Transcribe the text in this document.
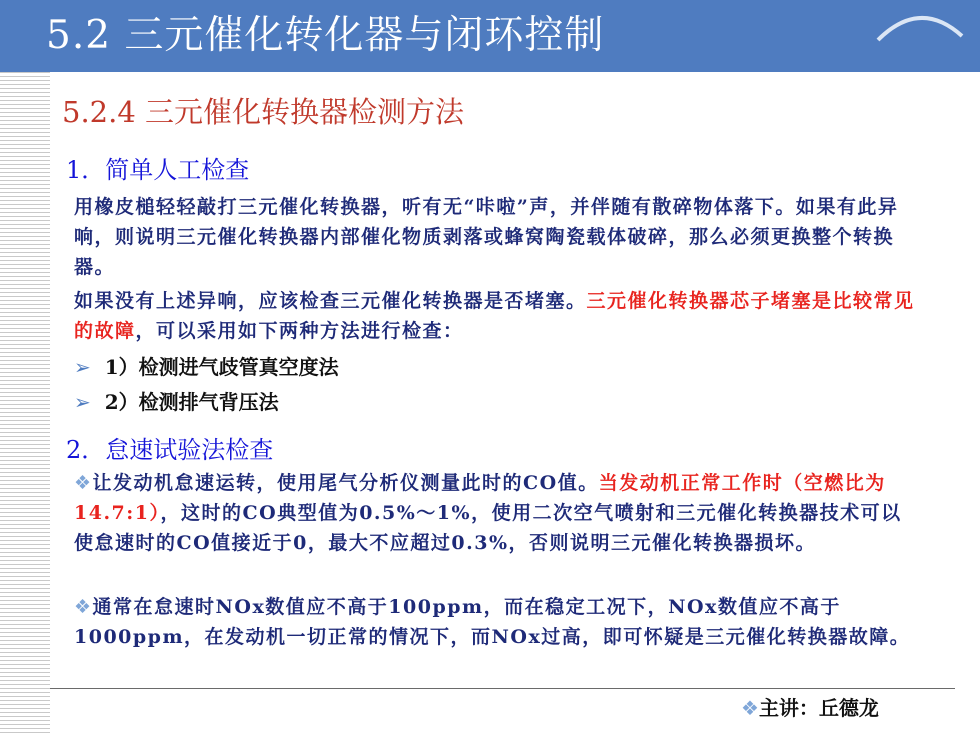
5.2 三元催化转化器与闭环控制
5.2.4 三元催化转换器检测方法
1．简单人工检查
用橡皮槌轻轻敲打三元催化转换器，听有无“咔啦”声，并伴随有散碎物体落下。如果有此异响，则说明三元催化转换器内部催化物质剥落或蜂窝陶瓷载体破碎，那么必须更换整个转换器。
如果没有上述异响，应该检查三元催化转换器是否堵塞。三元催化转换器芯子堵塞是比较常见的故障，可以采用如下两种方法进行检查：
➢ 1）检测进气歧管真空度法
➢ 2）检测排气背压法
2．怠速试验法检查
❖让发动机怠速运转，使用尾气分析仪测量此时的CO值。当发动机正常工作时（空燃比为14.7:1），这时的CO典型值为0.5%～1%，使用二次空气喷射和三元催化转换器技术可以使怠速时的CO值接近于0，最大不应超过0.3%，否则说明三元催化转换器损坏。
❖通常在怠速时NOx数值应不高于100ppm，而在稳定工况下，NOx数值应不高于1000ppm，在发动机一切正常的情况下，而NOx过高，即可怀疑是三元催化转换器故障。
❖主讲：丘德龙
